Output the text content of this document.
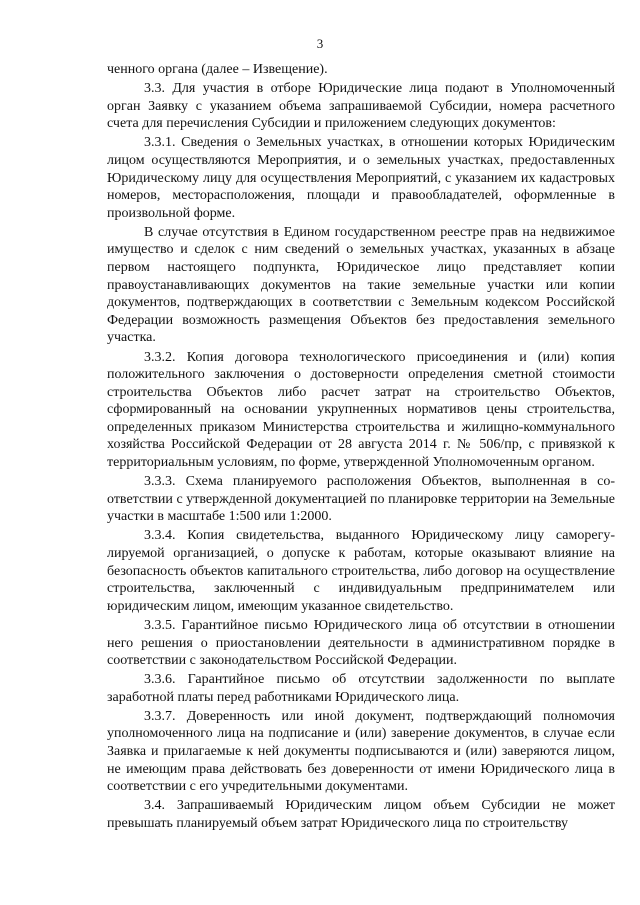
3

ченного органа (далее – Извещение).

3.3. Для участия в отборе Юридические лица подают в Уполномоченный орган Заявку с указанием объема запрашиваемой Субсидии, номера расчетного счета для перечисления Субсидии и приложением следующих документов:

3.3.1. Сведения о Земельных участках, в отношении которых Юридическим лицом осуществляются Мероприятия, и о земельных участках, предоставленных Юридическому лицу для осуществления Мероприятий, с указанием их кадастровых номеров, месторасположения, площади и правообладателей, оформленные в произвольной форме.

В случае отсутствия в Едином государственном реестре прав на недвижимое имущество и сделок с ним сведений о земельных участках, указанных в абзаце первом настоящего подпункта, Юридическое лицо представляет копии правоустанавливающих документов на такие земельные участки или копии документов, подтверждающих в соответствии с Земельным кодексом Российской Федерации возможность размещения Объектов без предоставления земельного участка.

3.3.2. Копия договора технологического присоединения и (или) копия положительного заключения о достоверности определения сметной стоимости строительства Объектов либо расчет затрат на строительство Объектов, сформированный на основании укрупненных нормативов цены строительства, определенных приказом Министерства строительства и жилищно-коммунального хозяйства Российской Федерации от 28 августа 2014 г. № 506/пр, с привязкой к территориальным условиям, по форме, утвержденной Уполномоченным органом.

3.3.3. Схема планируемого расположения Объектов, выполненная в соответствии с утвержденной документацией по планировке территории на Земельные участки в масштабе 1:500 или 1:2000.

3.3.4. Копия свидетельства, выданного Юридическому лицу саморегулируемой организацией, о допуске к работам, которые оказывают влияние на безопасность объектов капитального строительства, либо договор на осуществление строительства, заключенный с индивидуальным предпринимателем или юридическим лицом, имеющим указанное свидетельство.

3.3.5. Гарантийное письмо Юридического лица об отсутствии в отношении него решения о приостановлении деятельности в административном порядке в соответствии с законодательством Российской Федерации.

3.3.6. Гарантийное письмо об отсутствии задолженности по выплате заработной платы перед работниками Юридического лица.

3.3.7. Доверенность или иной документ, подтверждающий полномочия уполномоченного лица на подписание и (или) заверение документов, в случае если Заявка и прилагаемые к ней документы подписываются и (или) заверяются лицом, не имеющим права действовать без доверенности от имени Юридического лица в соответствии с его учредительными документами.

3.4. Запрашиваемый Юридическим лицом объем Субсидии не может превышать планируемый объем затрат Юридического лица по строительству
